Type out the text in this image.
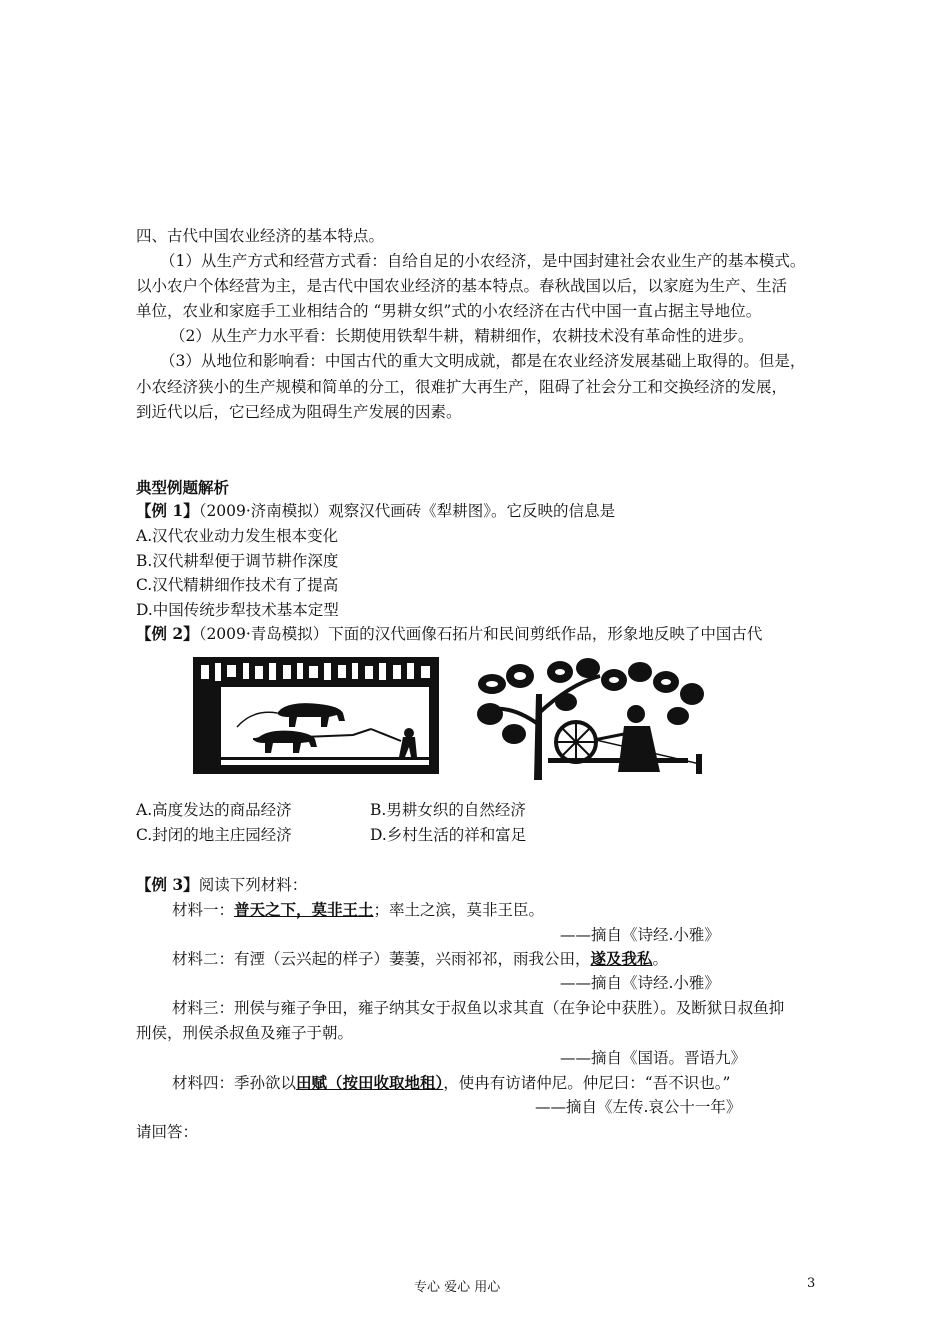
四、古代中国农业经济的基本特点。
（1）从生产方式和经营方式看：自给自足的小农经济，是中国封建社会农业生产的基本模式。
以小农户个体经营为主，是古代中国农业经济的基本特点。春秋战国以后，以家庭为生产、生活
单位，农业和家庭手工业相结合的 “男耕女织”式的小农经济在古代中国一直占据主导地位。
（2）从生产力水平看：长期使用铁犁牛耕，精耕细作，农耕技术没有革命性的进步。
（3）从地位和影响看：中国古代的重大文明成就，都是在农业经济发展基础上取得的。但是，
小农经济狭小的生产规模和简单的分工，很难扩大再生产，阻碍了社会分工和交换经济的发展，
到近代以后，它已经成为阻碍生产发展的因素。
典型例题解析
【例 1】（2009·济南模拟）观察汉代画砖《犁耕图》。它反映的信息是
A.汉代农业动力发生根本变化
B.汉代耕犁便于调节耕作深度
C.汉代精耕细作技术有了提高
D.中国传统步犁技术基本定型
【例 2】（2009·青岛模拟）下面的汉代画像石拓片和民间剪纸作品，形象地反映了中国古代
A.高度发达的商品经济	B.男耕女织的自然经济
C.封闭的地主庄园经济	D.乡村生活的祥和富足
【例 3】阅读下列材料：
材料一：普天之下，莫非王土；率土之滨，莫非王臣。
——摘自《诗经.小雅》
材料二：有湮（云兴起的样子）萋萋，兴雨祁祁，雨我公田，遂及我私。
——摘自《诗经.小雅》
材料三：刑侯与雍子争田，雍子纳其女于叔鱼以求其直（在争论中获胜）。及断狱日叔鱼抑
刑侯，刑侯杀叔鱼及雍子于朝。
——摘自《国语。晋语九》
材料四：季孙欲以田赋（按田收取地租），使冉有访诸仲尼。仲尼曰：“吾不识也。”
——摘自《左传.哀公十一年》
请回答：
专心 爱心 用心	3
